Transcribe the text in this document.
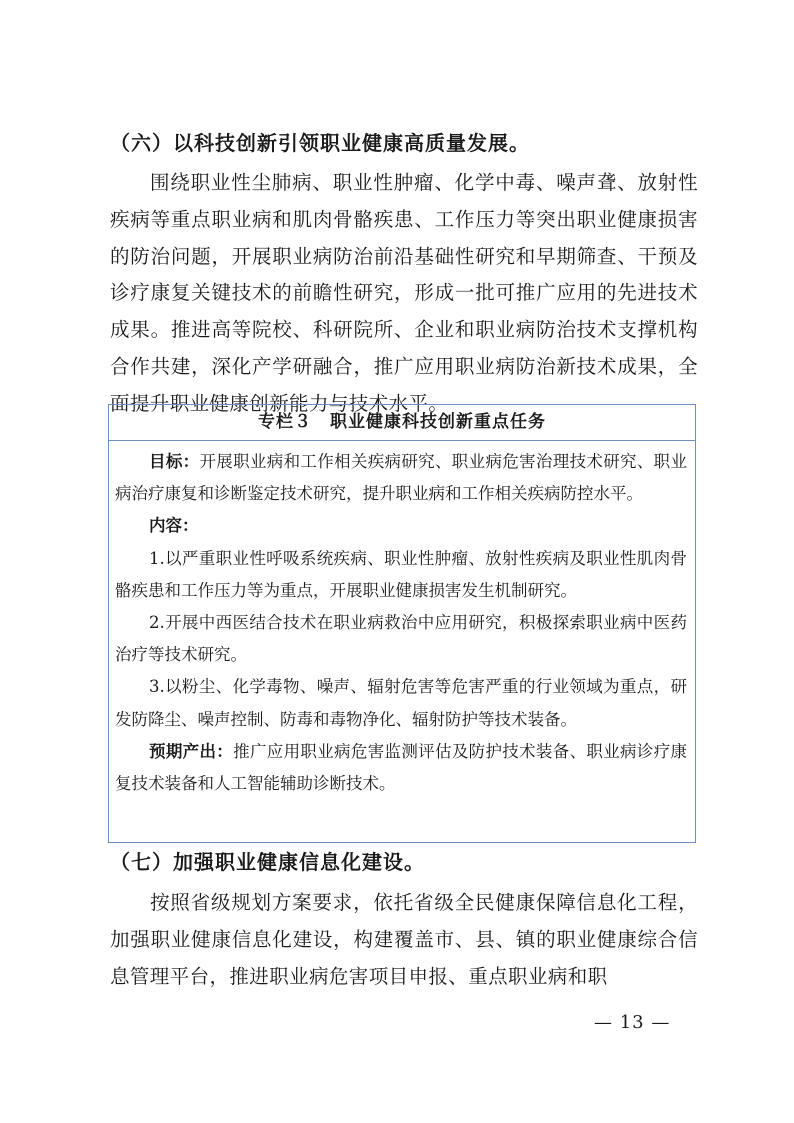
（六）以科技创新引领职业健康高质量发展。
围绕职业性尘肺病、职业性肿瘤、化学中毒、噪声聋、放射性疾病等重点职业病和肌肉骨骼疾患、工作压力等突出职业健康损害的防治问题，开展职业病防治前沿基础性研究和早期筛查、干预及诊疗康复关键技术的前瞻性研究，形成一批可推广应用的先进技术成果。推进高等院校、科研院所、企业和职业病防治技术支撑机构合作共建，深化产学研融合，推广应用职业病防治新技术成果，全面提升职业健康创新能力与技术水平。
专栏３　职业健康科技创新重点任务

目标：开展职业病和工作相关疾病研究、职业病危害治理技术研究、职业病治疗康复和诊断鉴定技术研究，提升职业病和工作相关疾病防控水平。

内容：

1.以严重职业性呼吸系统疾病、职业性肿瘤、放射性疾病及职业性肌肉骨骼疾患和工作压力等为重点，开展职业健康损害发生机制研究。

2.开展中西医结合技术在职业病救治中应用研究，积极探索职业病中医药治疗等技术研究。

3.以粉尘、化学毒物、噪声、辐射危害等危害严重的行业领域为重点，研发防降尘、噪声控制、防毒和毒物净化、辐射防护等技术装备。

预期产出：推广应用职业病危害监测评估及防护技术装备、职业病诊疗康复技术装备和人工智能辅助诊断技术。

（七）加强职业健康信息化建设。
按照省级规划方案要求，依托省级全民健康保障信息化工程，加强职业健康信息化建设，构建覆盖市、县、镇的职业健康综合信息管理平台，推进职业病危害项目申报、重点职业病和职
— 13 —
